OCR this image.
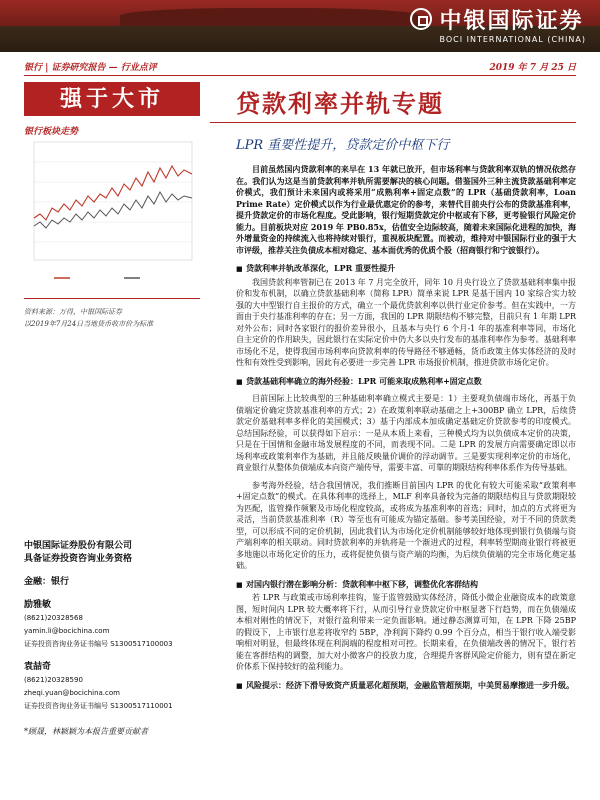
中银国际证券
BOCI INTERNATIONAL (CHINA)
银行 | 证券研究报告 — 行业点评	2019 年 7 月 25 日
强于大市	贷款利率并轨专题
LPR 重要性提升，贷款定价中枢下行
银行板块走势
资料来源：万得，中银国际证券
以2019年7月24日当地货币收市价为标准
中银国际证券股份有限公司
具备证券投资咨询业务资格
金融：银行
励雅敏
(8621)20328568
yamin.li@bocichina.com
证券投资咨询业务证书编号 S1300517100003
袁喆奇
(8621)20328590
zheqi.yuan@bocichina.com
证券投资咨询业务证书编号 S1300517110001
*顾晟，林颖颖为本报告重要贡献者

目前虽然国内贷款利率的来早在 13 年就已放开，但市场利率与贷款利率双轨的情况依然存在。我们认为这是当前贷款利率并轨所需要解决的核心问题。借鉴国外三种主流贷款基础利率定价模式，我们预计未来国内或将采用“成熟利率+固定点数”的 LPR（基础贷款利率，Loan Prime Rate）定价模式以作为行业最优惠定价的参考，来替代目前央行公布的贷款基准利率，提升贷款定价的市场化程度。受此影响，银行短期贷款定价中枢或有下移，更考验银行风险定价能力。目前板块对应 2019 年 PB0.85x，估值安全边际较高，随着未来国际化进程的加快，海外增量资金的持续流入也将持续对银行，重视板块配置。而被动，维持对中银国际行业的强于大市评级，推荐关注负债成本相对稳定、基本面优秀的优质个股（招商银行和宁波银行）。

■ 贷款利率并轨改革深化，LPR 重要性提升

我国贷款利率管制已在 2013 年 7 月完全放开，同年 10 月央行设立了贷款基础利率集中报价和发布机制，以确立贷款基础利率（简称 LPR）简单来说 LPR 是基于国内 10 家综合实力较强的大中型银行自主报价的方式，确立一个最优贷款利率以供行业定价参考。但在实践中，一方面由于央行基准利率的存在；另一方面，我国的 LPR 期限结构不够完整，目前只有 1 年期 LPR 对外公布；同时各家银行的报价差异很小，且基本与央行 6 个月-1 年的基准利率等同，市场化自主定价的作用缺失，因此银行在实际定价中仍大多以央行发布的基准利率作为参考。基础利率市场化不足，使得我国市场利率向贷款利率的传导路径不够通畅，货币政策主体实体经济的及时性和有效性受到影响，因此有必要进一步完善 LPR 市场报价机制，推进贷款市场化定价。

■ 贷款基础利率确立的海外经验：LPR 可能来取成熟利率+固定点数

目前国际上比较典型的三种基础利率确立模式主要是：1）主要观负债端市场化，再基于负债端定价确定贷款基准利率的方式；2）在政策利率联动基础之上+300BP 确立 LPR，后续贷款定价基础利率多样化的美国模式；3）基于内部成本加成确定基础定价贷款参考的印度模式。总结国际经验，可以获得如下启示：一是从本质上来看，三种模式均为以负债成本定价的决策，只是在于国情和金融市场发展程度的不同，而表现不同。二是 LPR 的发展方向需要确定即以市场利率或政策利率作为基础，并且能反映量价调价的浮动调节。三是要实现利率定价的市场化，商业银行从整体负债端成本向资产端传导，需要丰富、可靠的期限结构利率体系作为传导基础。

参考海外经验，结合我国情况，我们推断目前国内 LPR 的优化有较大可能采取“政策利率+固定点数”的模式。在具体利率的选择上，MLF 利率具备较为完备的期限结构且与贷款期限较为匹配，监管操作频繁及市场化程度较高，或将成为基准利率的首选；同时，加点的方式将更为灵活，当前贷款基准利率（R）等至也有可能成为锚定基础。参考美国经验，对于不同的贷款类型，可以形成不同的定价机制，因此我们认为市场化定价机制能够较好地体现到银行负债端与资产端利率的相关联动。同时贷款利率的并轨将是一个渐进式的过程，利率转型期商业银行将被更多地施以市场化定价的压力，或将促使负债与资产端的均衡，为后续负债端的完全市场化奠定基础。

■ 对国内银行潜在影响分析：贷款利率中枢下移，调整优化客群结构

若 LPR 与政策或市场利率挂钩，鉴于监管鼓励实体经济，降低小微企业融资成本的政策意图，短时间内 LPR 较大概率将下行，从而引导行业贷款定价中枢显著下行趋势，而在负债端成本相对刚性的情况下，对银行盈利带来一定负面影响。通过静态测算可知，在 LPR 下降 25BP 的假设下，上市银行息差将收窄约 5BP，净利润下降约 0.99 个百分点，相当于银行收入端受影响相对明显，但最终体现在利润端的程度相对可控。长期来看，在负债端改善的情况下，银行若能在客群结构的调整，加大对小微客户的投放力度，合理提升客群风险定价能力，则有望在新定价体系下保持较好的盈利能力。

■ 风险提示：经济下滑导致资产质量恶化超预期，金融监管超预期，中美贸易摩擦进一步升级。
